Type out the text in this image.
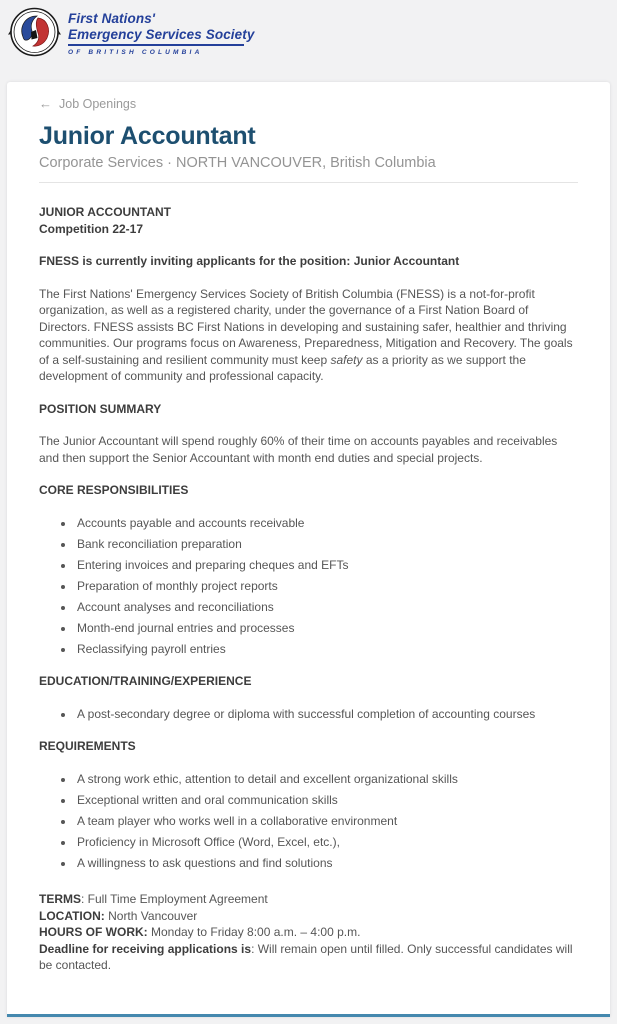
First Nations'
Emergency Services Society
OF BRITISH COLUMBIA
← Job Openings
Junior Accountant
Corporate Services · NORTH VANCOUVER, British Columbia

JUNIOR ACCOUNTANT
Competition 22-17

FNESS is currently inviting applicants for the position: Junior Accountant

The First Nations' Emergency Services Society of British Columbia (FNESS) is a not-for-profit organization, as well as a registered charity, under the governance of a First Nation Board of Directors. FNESS assists BC First Nations in developing and sustaining safer, healthier and thriving communities. Our programs focus on Awareness, Preparedness, Mitigation and Recovery. The goals of a self-sustaining and resilient community must keep safety as a priority as we support the development of community and professional capacity.

POSITION SUMMARY

The Junior Accountant will spend roughly 60% of their time on accounts payables and receivables and then support the Senior Accountant with month end duties and special projects.

CORE RESPONSIBILITIES

• Accounts payable and accounts receivable
• Bank reconciliation preparation
• Entering invoices and preparing cheques and EFTs
• Preparation of monthly project reports
• Account analyses and reconciliations
• Month-end journal entries and processes
• Reclassifying payroll entries

EDUCATION/TRAINING/EXPERIENCE

• A post-secondary degree or diploma with successful completion of accounting courses

REQUIREMENTS

• A strong work ethic, attention to detail and excellent organizational skills
• Exceptional written and oral communication skills
• A team player who works well in a collaborative environment
• Proficiency in Microsoft Office (Word, Excel, etc.),
• A willingness to ask questions and find solutions
TERMS: Full Time Employment Agreement
LOCATION: North Vancouver
HOURS OF WORK: Monday to Friday 8:00 a.m. – 4:00 p.m.
Deadline for receiving applications is: Will remain open until filled. Only successful candidates will be contacted.
